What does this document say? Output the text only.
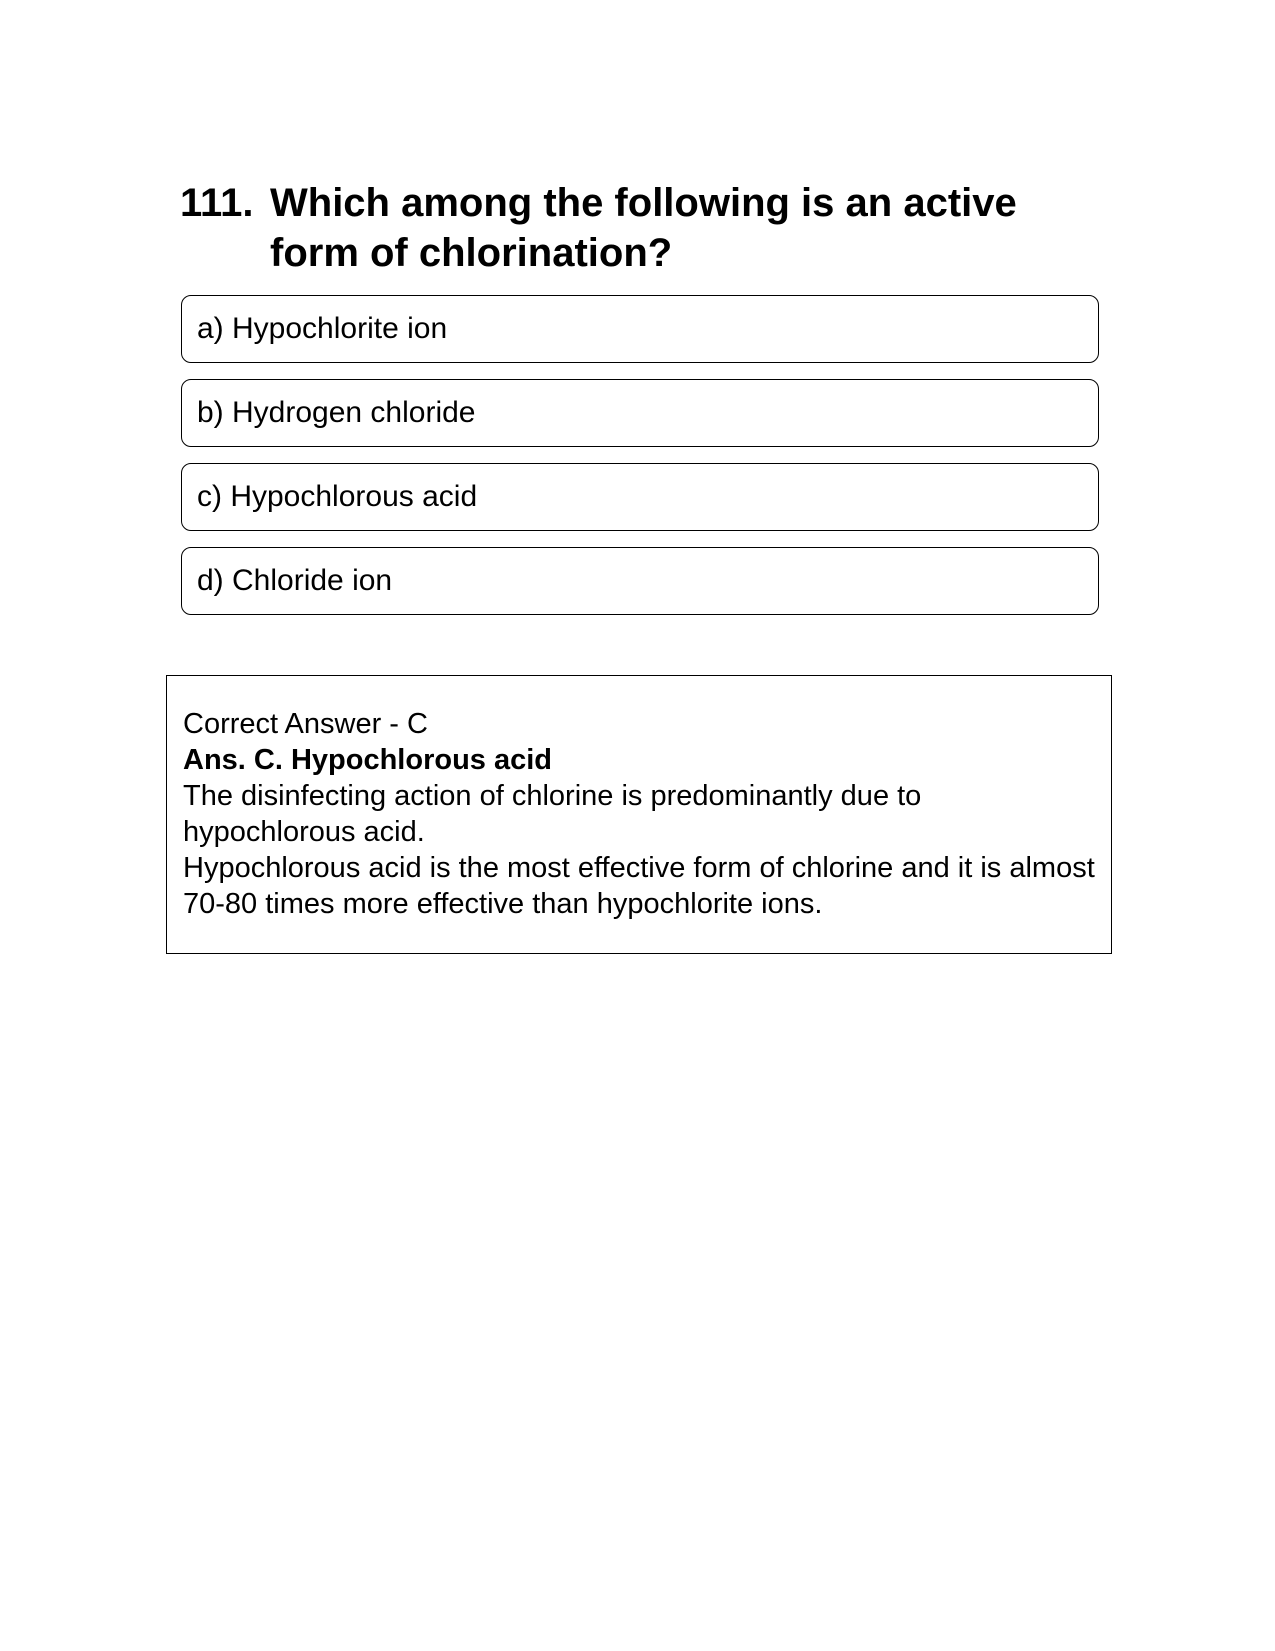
111. Which among the following is an active form of chlorination?
a) Hypochlorite ion
b) Hydrogen chloride
c) Hypochlorous acid
d) Chloride ion

Correct Answer - C

Ans. C. Hypochlorous acid

The disinfecting action of chlorine is predominantly due to hypochlorous acid.

Hypochlorous acid is the most effective form of chlorine and it is almost 70-80 times more effective than hypochlorite ions.
